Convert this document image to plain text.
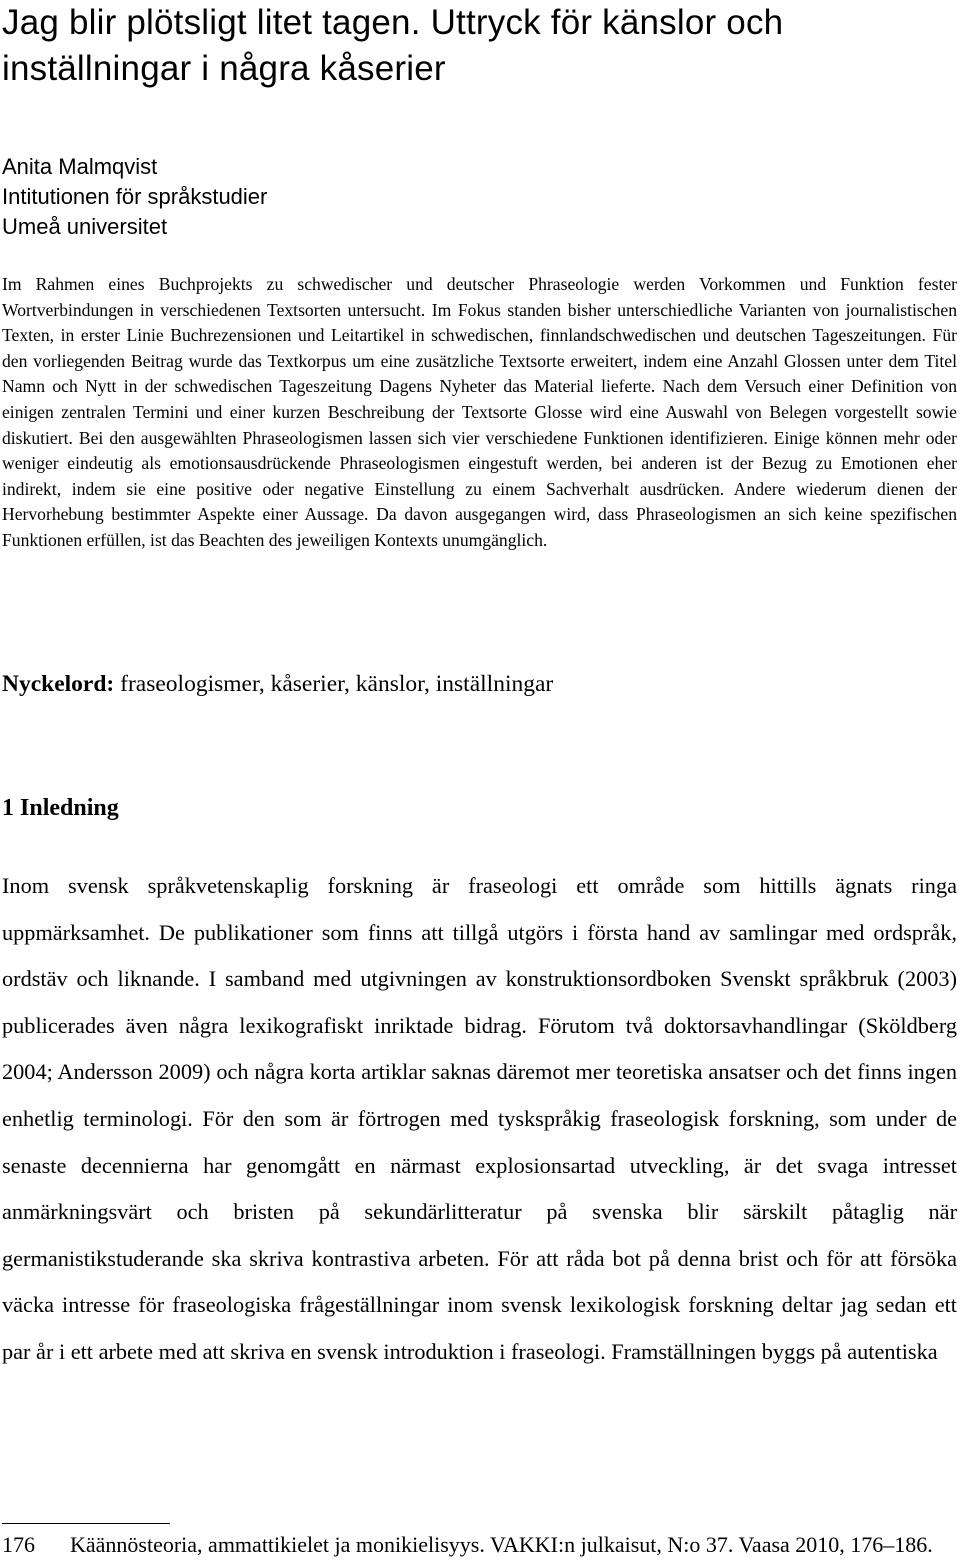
Jag blir plötsligt litet tagen. Uttryck för känslor och
inställningar i några kåserier
Anita Malmqvist
Intitutionen för språkstudier
Umeå universitet

Im Rahmen eines Buchprojekts zu schwedischer und deutscher Phraseologie werden Vorkommen und Funktion fester Wortverbindungen in verschiedenen Textsorten untersucht. Im Fokus standen bisher unterschiedliche Varianten von journalistischen Texten, in erster Linie Buchrezensionen und Leitartikel in schwedischen, finnlandschwedischen und deutschen Tageszeitungen. Für den vorliegenden Beitrag wurde das Textkorpus um eine zusätzliche Textsorte erweitert, indem eine Anzahl Glossen unter dem Titel Namn och Nytt in der schwedischen Tageszeitung Dagens Nyheter das Material lieferte. Nach dem Versuch einer Definition von einigen zentralen Termini und einer kurzen Beschreibung der Textsorte Glosse wird eine Auswahl von Belegen vorgestellt sowie diskutiert. Bei den ausgewählten Phraseologismen lassen sich vier verschiedene Funktionen identifizieren. Einige können mehr oder weniger eindeutig als emotionsausdrückende Phraseologismen eingestuft werden, bei anderen ist der Bezug zu Emotionen eher indirekt, indem sie eine positive oder negative Einstellung zu einem Sachverhalt ausdrücken. Andere wiederum dienen der Hervorhebung bestimmter Aspekte einer Aussage. Da davon ausgegangen wird, dass Phraseologismen an sich keine spezifischen Funktionen erfüllen, ist das Beachten des jeweiligen Kontexts unumgänglich.

Nyckelord: fraseologismer, kåserier, känslor, inställningar
1 Inledning

Inom svensk språkvetenskaplig forskning är fraseologi ett område som hittills ägnats ringa uppmärksamhet. De publikationer som finns att tillgå utgörs i första hand av samlingar med ordspråk, ordstäv och liknande. I samband med utgivningen av konstruktionsordboken Svenskt språkbruk (2003) publicerades även några lexikografiskt inriktade bidrag. Förutom två doktorsavhandlingar (Sköldberg 2004; Andersson 2009) och några korta artiklar saknas däremot mer teoretiska ansatser och det finns ingen enhetlig terminologi. För den som är förtrogen med tyskspråkig fraseologisk forskning, som under de senaste decennierna har genomgått en närmast explosionsartad utveckling, är det svaga intresset anmärkningsvärt och bristen på sekundärlitteratur på svenska blir särskilt påtaglig när germanistikstuderande ska skriva kontrastiva arbeten. För att råda bot på denna brist och för att försöka väcka intresse för fraseologiska frågeställningar inom svensk lexikologisk forskning deltar jag sedan ett par år i ett arbete med att skriva en svensk introduktion i fraseologi. Framställningen byggs på autentiska

176 Käännösteoria, ammattikielet ja monikielisyys. VAKKI:n julkaisut, N:o 37. Vaasa 2010, 176–186.
